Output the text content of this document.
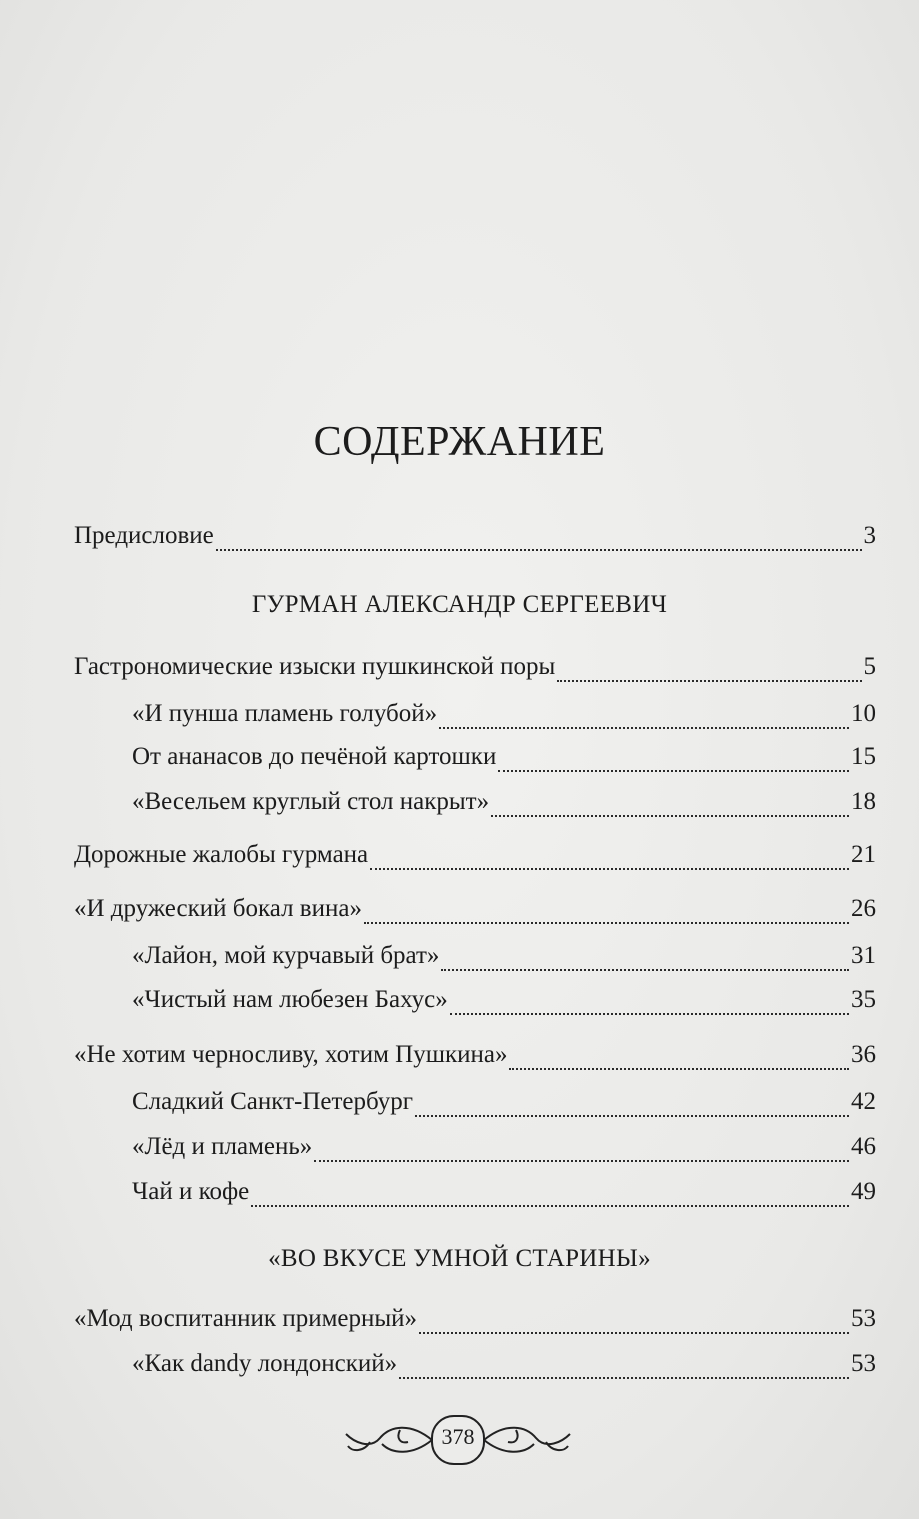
СОДЕРЖАНИЕ
Предисловие	3
Гастрономические изыски пушкинской поры	5
«И пунша пламень голубой»	10
От ананасов до печёной картошки	15
«Весельем круглый стол накрыт»	18
Дорожные жалобы гурмана	21
«И дружеский бокал вина»	26
«Лайон, мой курчавый брат»	31
«Чистый нам любезен Бахус»	35
«Не хотим черносливу, хотим Пушкина»	36
Сладкий Санкт-Петербург	42
«Лёд и пламень»	46
Чай и кофе	49
«Мод воспитанник примерный»	53
«Как dandy лондонский»	53
ГУРМАН АЛЕКСАНДР СЕРГЕЕВИЧ
«ВО ВКУСЕ УМНОЙ СТАРИНЫ»
378
